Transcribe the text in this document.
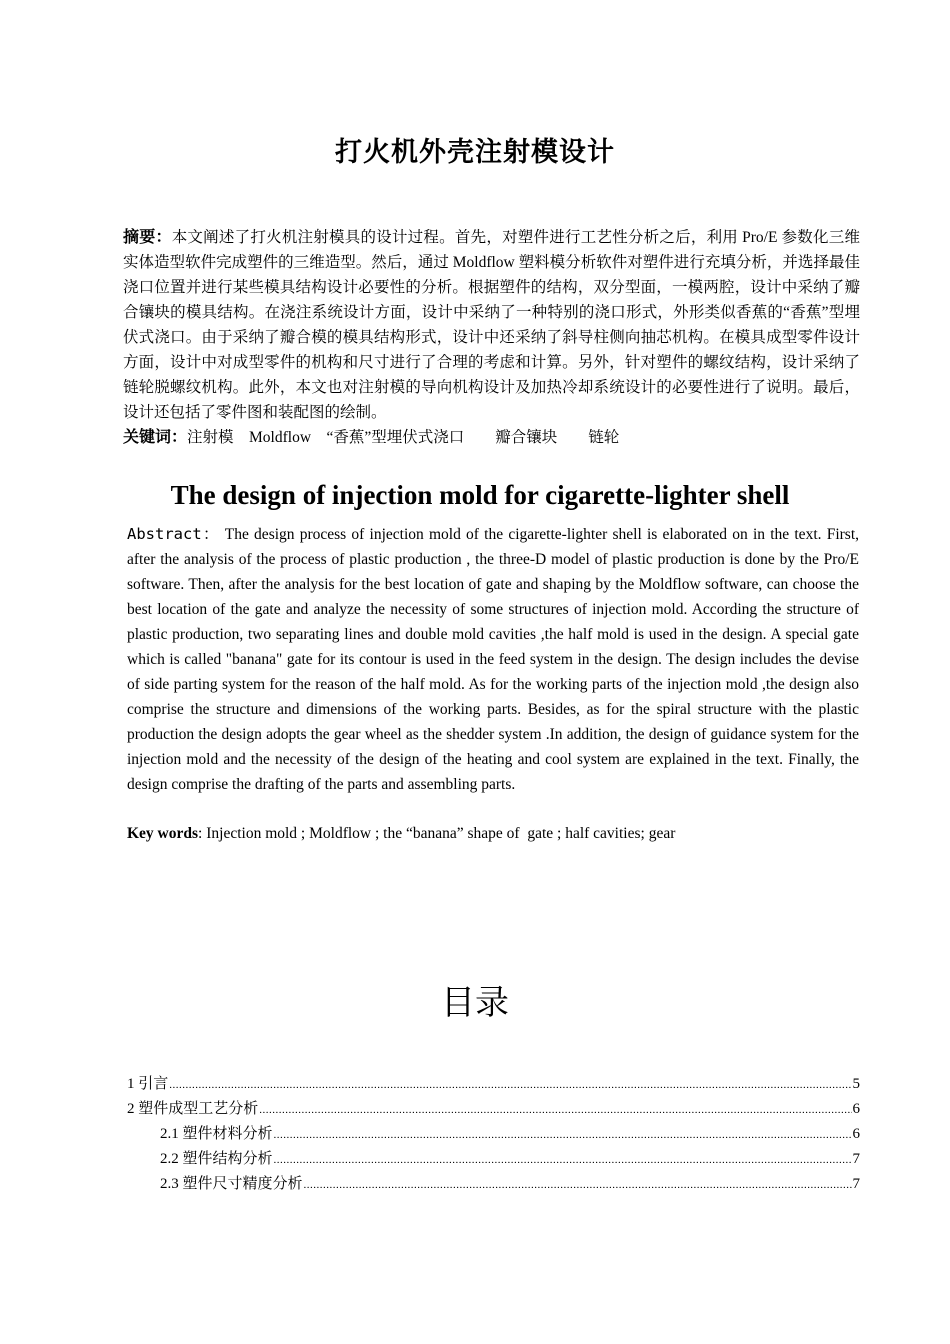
打火机外壳注射模设计
摘要：本文阐述了打火机注射模具的设计过程。首先，对塑件进行工艺性分析之后，利用 Pro/E 参数化三维实体造型软件完成塑件的三维造型。然后，通过 Moldflow 塑料模分析软件对塑件进行充填分析，并选择最佳浇口位置并进行某些模具结构设计必要性的分析。根据塑件的结构，双分型面，一模两腔，设计中采纳了瓣合镶块的模具结构。在浇注系统设计方面，设计中采纳了一种特别的浇口形式，外形类似香蕉的“香蕉”型埋伏式浇口。由于采纳了瓣合模的模具结构形式，设计中还采纳了斜导柱侧向抽芯机构。在模具成型零件设计方面，设计中对成型零件的机构和尺寸进行了合理的考虑和计算。另外，针对塑件的螺纹结构，设计采纳了链轮脱螺纹机构。此外，本文也对注射模的导向机构设计及加热冷却系统设计的必要性进行了说明。最后，设计还包括了零件图和装配图的绘制。
关键词：注射模    Moldflow    “香蕉”型埋伏式浇口        瓣合镶块        链轮
The design of injection mold for cigarette-lighter shell
Abstract： The design process of injection mold of the cigarette-lighter shell is elaborated on in the text. First, after the analysis of the process of plastic production , the three-D model of plastic production is done by the Pro/E software. Then, after the analysis for the best location of gate and shaping by the Moldflow software, can choose the best location of the gate and analyze the necessity of some structures of injection mold. According the structure of plastic production, two separating lines and double mold cavities ,the half mold is used in the design. A special gate which is called "banana" gate for its contour is used in the feed system in the design. The design includes the devise of side parting system for the reason of the half mold. As for the working parts of the injection mold ,the design also comprise the structure and dimensions of the working parts. Besides, as for the spiral structure with the plastic production the design adopts the gear wheel as the shedder system .In addition, the design of guidance system for the injection mold and the necessity of the design of the heating and cool system are explained in the text. Finally, the design comprise the drafting of the parts and assembling parts.
Key words: Injection mold ; Moldflow ; the “banana” shape of  gate ; half cavities; gear
目录
1 引言 .....	5
2 塑件成型工艺分析 .....	6
2.1 塑件材料分析 .....	6
2.2 塑件结构分析 .....	7
2.3 塑件尺寸精度分析 .....	7
